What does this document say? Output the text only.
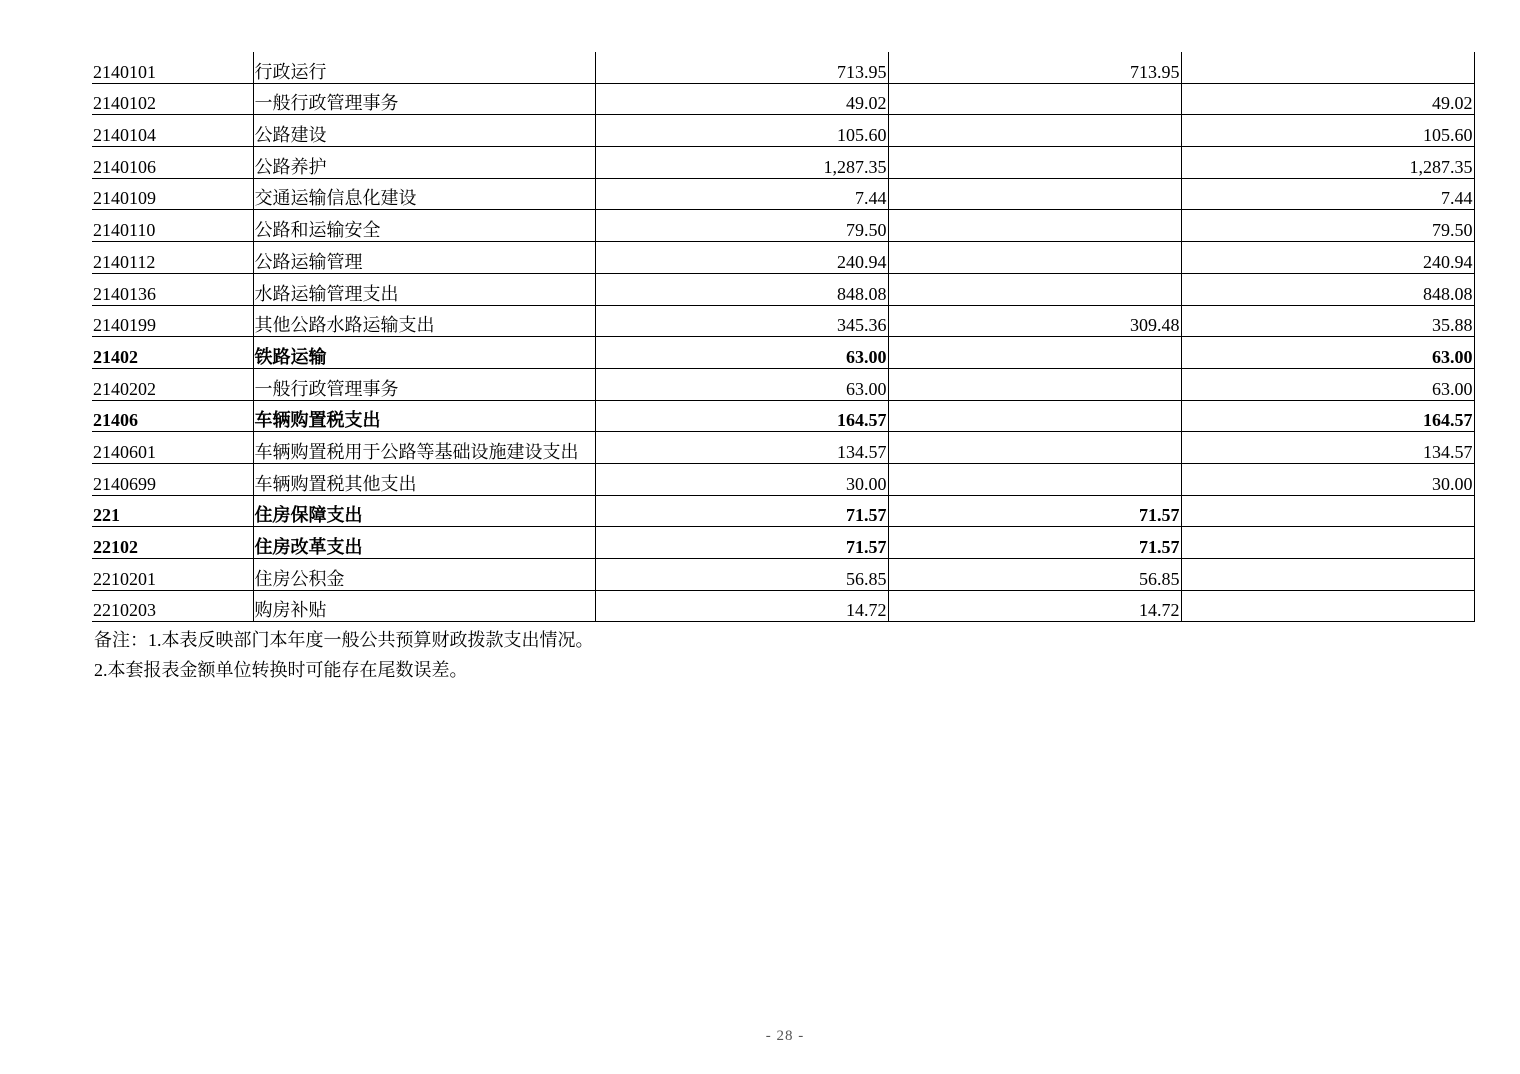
2140101	行政运行	713.95	713.95	
2140102	一般行政管理事务	49.02		49.02
2140104	公路建设	105.60		105.60
2140106	公路养护	1,287.35		1,287.35
2140109	交通运输信息化建设	7.44		7.44
2140110	公路和运输安全	79.50		79.50
2140112	公路运输管理	240.94		240.94
2140136	水路运输管理支出	848.08		848.08
2140199	其他公路水路运输支出	345.36	309.48	35.88
21402	铁路运输	63.00		63.00
2140202	一般行政管理事务	63.00		63.00
21406	车辆购置税支出	164.57		164.57
2140601	车辆购置税用于公路等基础设施建设支出	134.57		134.57
2140699	车辆购置税其他支出	30.00		30.00
221	住房保障支出	71.57	71.57	
22102	住房改革支出	71.57	71.57	
2210201	住房公积金	56.85	56.85	
2210203	购房补贴	14.72	14.72	
备注：1.本表反映部门本年度一般公共预算财政拨款支出情况。
2.本套报表金额单位转换时可能存在尾数误差。
- 28 -
